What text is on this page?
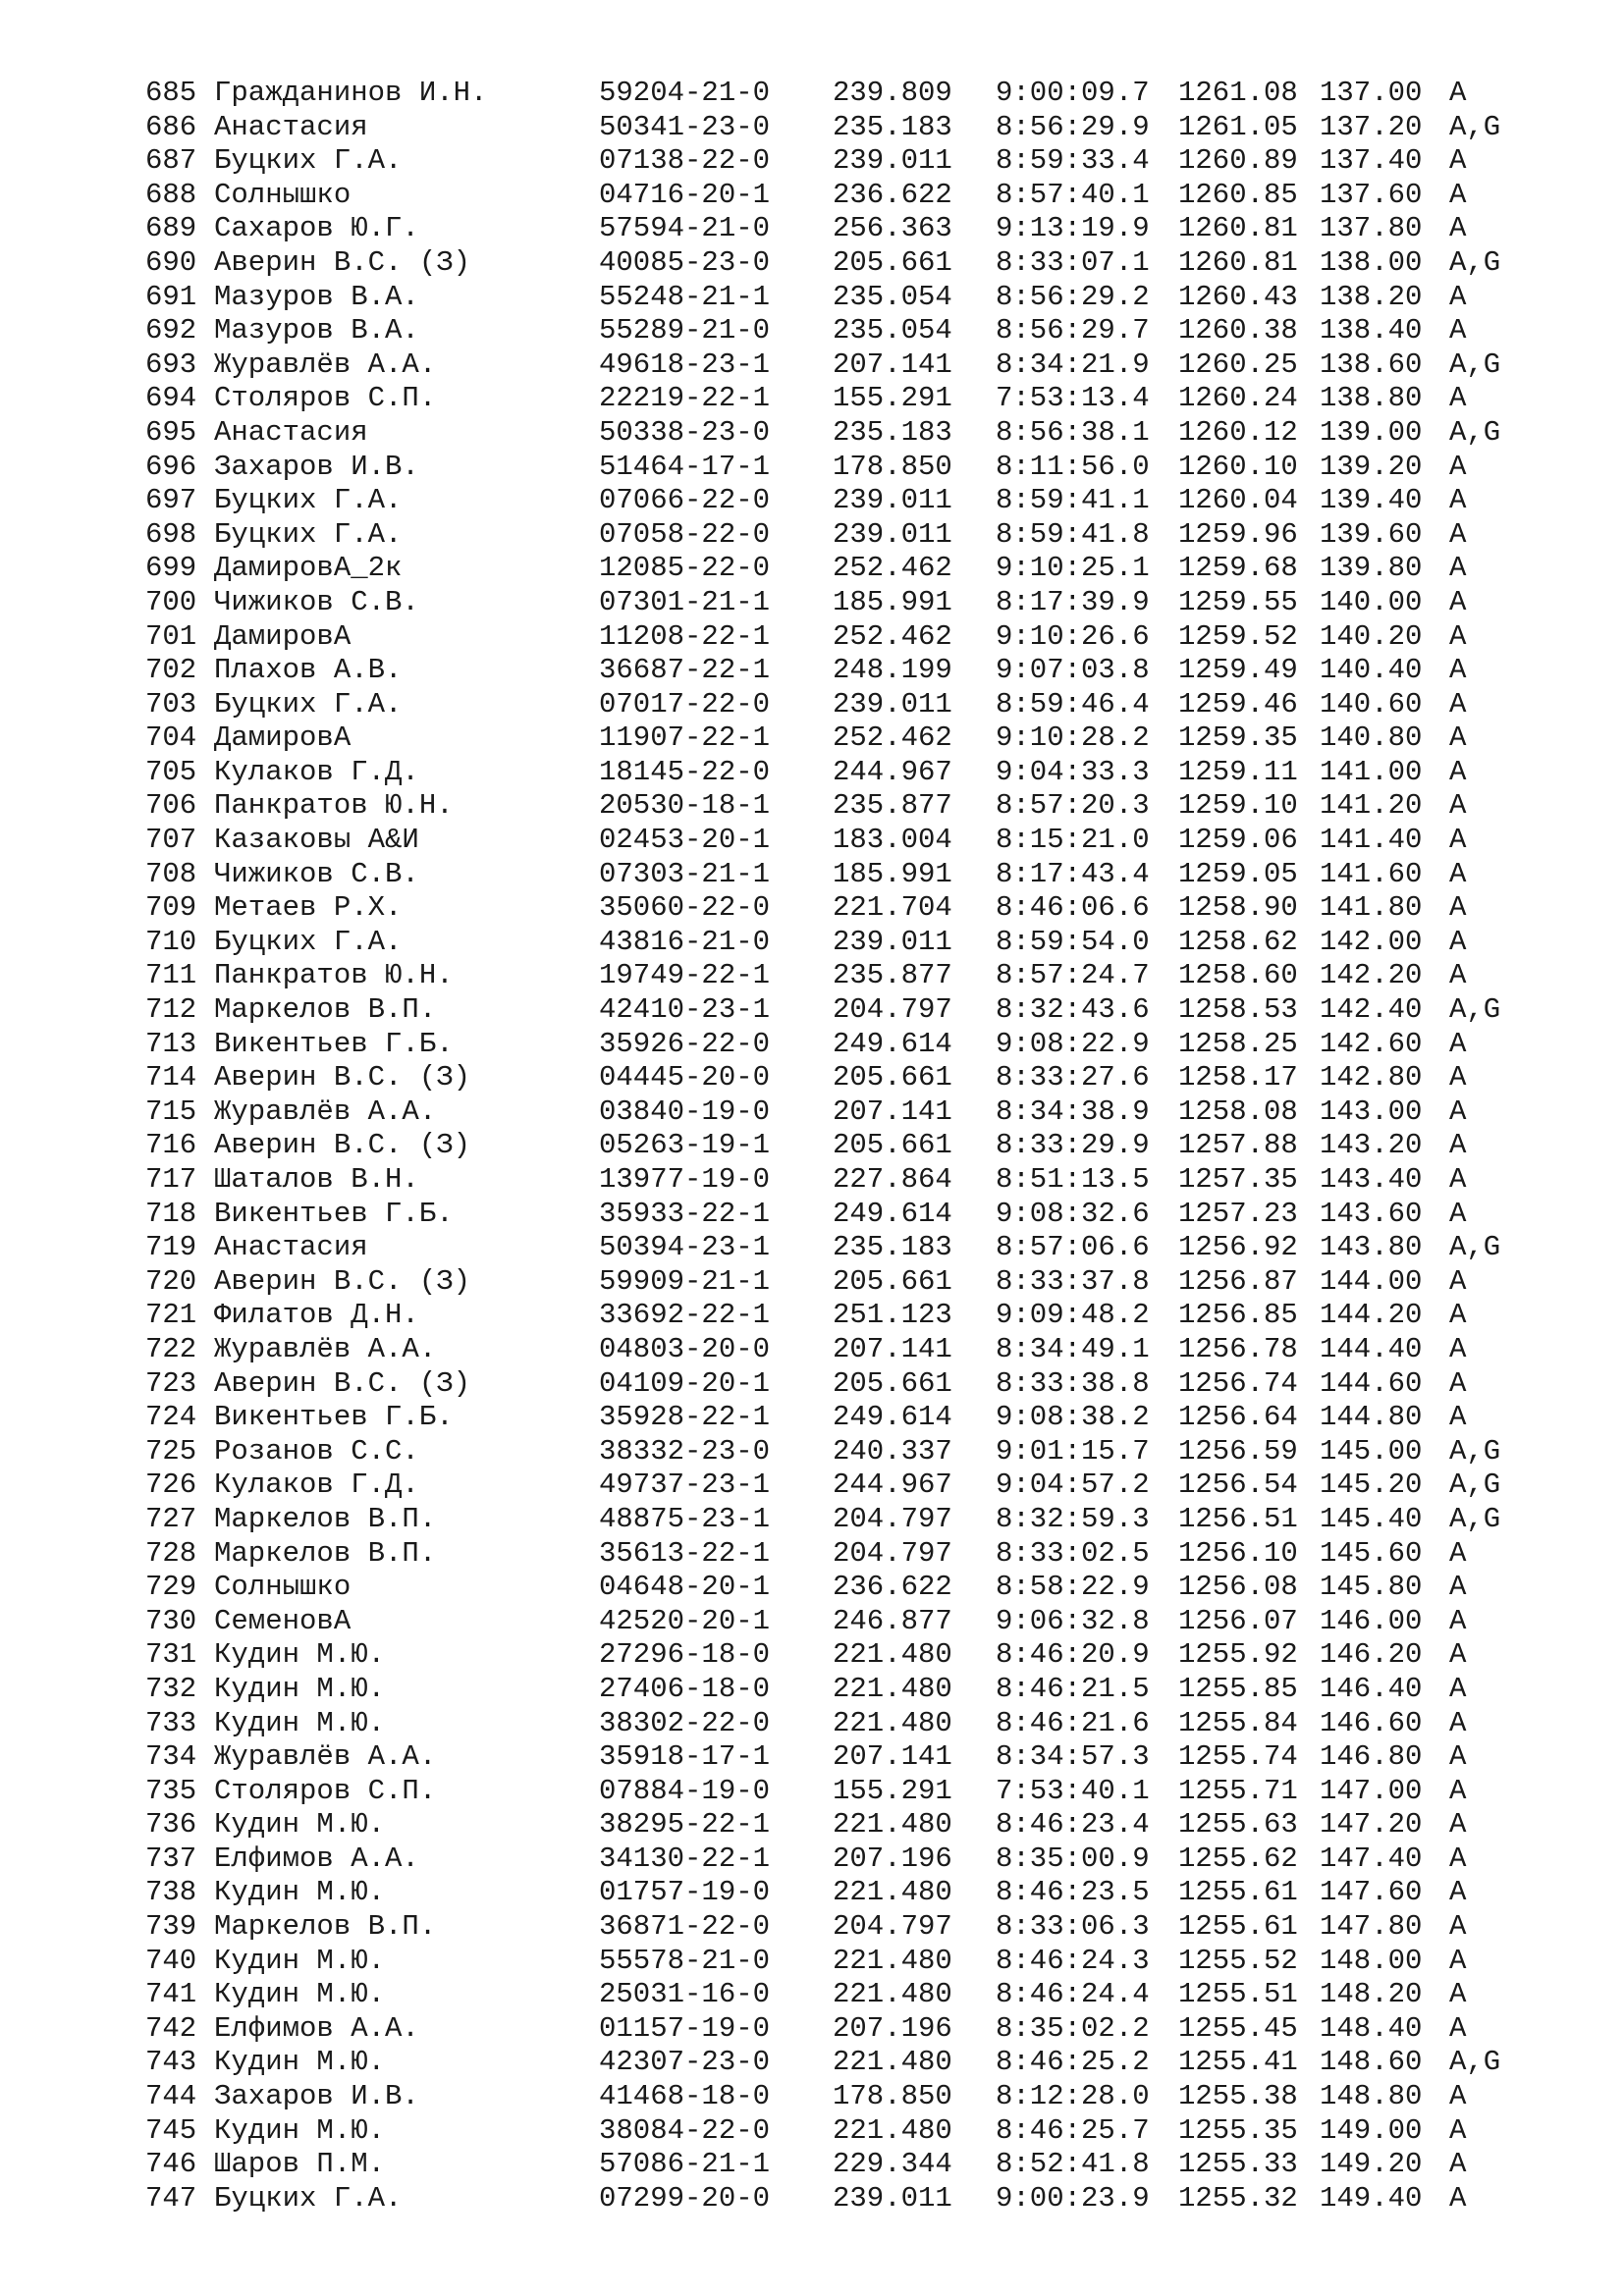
685 Гражданинов И.Н.	59204-21-0 239.809 9:00:09.7 1261.08 137.00 A
686 Анастасия	50341-23-0 235.183 8:56:29.9 1261.05 137.20 A,G
687 Буцких Г.А.	07138-22-0 239.011 8:59:33.4 1260.89 137.40 A
688 Солнышко	04716-20-1 236.622 8:57:40.1 1260.85 137.60 A
689 Сахаров Ю.Г.	57594-21-0 256.363 9:13:19.9 1260.81 137.80 A
690 Аверин В.С. (З)	40085-23-0 205.661 8:33:07.1 1260.81 138.00 A,G
691 Мазуров В.А.	55248-21-1 235.054 8:56:29.2 1260.43 138.20 A
692 Мазуров В.А.	55289-21-0 235.054 8:56:29.7 1260.38 138.40 A
693 Журавлёв А.А.	49618-23-1 207.141 8:34:21.9 1260.25 138.60 A,G
694 Столяров С.П.	22219-22-1 155.291 7:53:13.4 1260.24 138.80 A
695 Анастасия	50338-23-0 235.183 8:56:38.1 1260.12 139.00 A,G
696 Захаров И.В.	51464-17-1 178.850 8:11:56.0 1260.10 139.20 A
697 Буцких Г.А.	07066-22-0 239.011 8:59:41.1 1260.04 139.40 A
698 Буцких Г.А.	07058-22-0 239.011 8:59:41.8 1259.96 139.60 A
699 ДамировА_2к	12085-22-0 252.462 9:10:25.1 1259.68 139.80 A
700 Чижиков С.В.	07301-21-1 185.991 8:17:39.9 1259.55 140.00 A
701 ДамировА	11208-22-1 252.462 9:10:26.6 1259.52 140.20 A
702 Плахов А.В.	36687-22-1 248.199 9:07:03.8 1259.49 140.40 A
703 Буцких Г.А.	07017-22-0 239.011 8:59:46.4 1259.46 140.60 A
704 ДамировА	11907-22-1 252.462 9:10:28.2 1259.35 140.80 A
705 Кулаков Г.Д.	18145-22-0 244.967 9:04:33.3 1259.11 141.00 A
706 Панкратов Ю.Н.	20530-18-1 235.877 8:57:20.3 1259.10 141.20 A
707 Казаковы А&И	02453-20-1 183.004 8:15:21.0 1259.06 141.40 A
708 Чижиков С.В.	07303-21-1 185.991 8:17:43.4 1259.05 141.60 A
709 Метаев Р.Х.	35060-22-0 221.704 8:46:06.6 1258.90 141.80 A
710 Буцких Г.А.	43816-21-0 239.011 8:59:54.0 1258.62 142.00 A
711 Панкратов Ю.Н.	19749-22-1 235.877 8:57:24.7 1258.60 142.20 A
712 Маркелов В.П.	42410-23-1 204.797 8:32:43.6 1258.53 142.40 A,G
713 Викентьев Г.Б.	35926-22-0 249.614 9:08:22.9 1258.25 142.60 A
714 Аверин В.С. (З)	04445-20-0 205.661 8:33:27.6 1258.17 142.80 A
715 Журавлёв А.А.	03840-19-0 207.141 8:34:38.9 1258.08 143.00 A
716 Аверин В.С. (З)	05263-19-1 205.661 8:33:29.9 1257.88 143.20 A
717 Шаталов В.Н.	13977-19-0 227.864 8:51:13.5 1257.35 143.40 A
718 Викентьев Г.Б.	35933-22-1 249.614 9:08:32.6 1257.23 143.60 A
719 Анастасия	50394-23-1 235.183 8:57:06.6 1256.92 143.80 A,G
720 Аверин В.С. (З)	59909-21-1 205.661 8:33:37.8 1256.87 144.00 A
721 Филатов Д.Н.	33692-22-1 251.123 9:09:48.2 1256.85 144.20 A
722 Журавлёв А.А.	04803-20-0 207.141 8:34:49.1 1256.78 144.40 A
723 Аверин В.С. (З)	04109-20-1 205.661 8:33:38.8 1256.74 144.60 A
724 Викентьев Г.Б.	35928-22-1 249.614 9:08:38.2 1256.64 144.80 A
725 Розанов С.С.	38332-23-0 240.337 9:01:15.7 1256.59 145.00 A,G
726 Кулаков Г.Д.	49737-23-1 244.967 9:04:57.2 1256.54 145.20 A,G
727 Маркелов В.П.	48875-23-1 204.797 8:32:59.3 1256.51 145.40 A,G
728 Маркелов В.П.	35613-22-1 204.797 8:33:02.5 1256.10 145.60 A
729 Солнышко	04648-20-1 236.622 8:58:22.9 1256.08 145.80 A
730 СеменовА	42520-20-1 246.877 9:06:32.8 1256.07 146.00 A
731 Кудин М.Ю.	27296-18-0 221.480 8:46:20.9 1255.92 146.20 A
732 Кудин М.Ю.	27406-18-0 221.480 8:46:21.5 1255.85 146.40 A
733 Кудин М.Ю.	38302-22-0 221.480 8:46:21.6 1255.84 146.60 A
734 Журавлёв А.А.	35918-17-1 207.141 8:34:57.3 1255.74 146.80 A
735 Столяров С.П.	07884-19-0 155.291 7:53:40.1 1255.71 147.00 A
736 Кудин М.Ю.	38295-22-1 221.480 8:46:23.4 1255.63 147.20 A
737 Елфимов А.А.	34130-22-1 207.196 8:35:00.9 1255.62 147.40 A
738 Кудин М.Ю.	01757-19-0 221.480 8:46:23.5 1255.61 147.60 A
739 Маркелов В.П.	36871-22-0 204.797 8:33:06.3 1255.61 147.80 A
740 Кудин М.Ю.	55578-21-0 221.480 8:46:24.3 1255.52 148.00 A
741 Кудин М.Ю.	25031-16-0 221.480 8:46:24.4 1255.51 148.20 A
742 Елфимов А.А.	01157-19-0 207.196 8:35:02.2 1255.45 148.40 A
743 Кудин М.Ю.	42307-23-0 221.480 8:46:25.2 1255.41 148.60 A,G
744 Захаров И.В.	41468-18-0 178.850 8:12:28.0 1255.38 148.80 A
745 Кудин М.Ю.	38084-22-0 221.480 8:46:25.7 1255.35 149.00 A
746 Шаров П.М.	57086-21-1 229.344 8:52:41.8 1255.33 149.20 A
747 Буцких Г.А.	07299-20-0 239.011 9:00:23.9 1255.32 149.40 A
